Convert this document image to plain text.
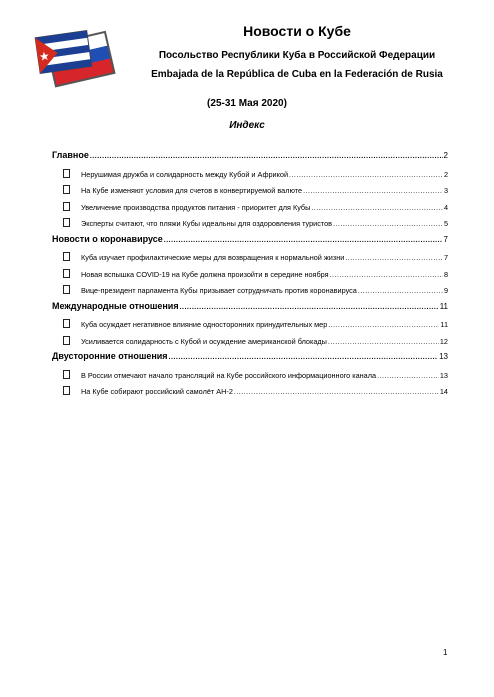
Новости о Кубе
Посольство Республики Куба в Российской Федерации
Embajada de la República de Cuba en la Federación de Rusia
(25-31 Мая 2020)
Индекс
Главное .....	2
Нерушимая дружба и солидарность между Кубой и Африкой .....	2
На Кубе изменяют условия для счетов в конвертируемой валюте .....	3
Увеличение производства продуктов питания - приоритет для Кубы .....	4
Эксперты считают, что пляжи Кубы идеальны для оздоровления туристов .....	5
Новости о коронавирусе .....	7
Куба изучает профилактические меры для возвращения к нормальной жизни .....	7
Новая вспышка COVID-19 на Кубе должна произойти в середине ноября .....	8
Вице-президент парламента Кубы призывает сотрудничать против коронавируса .....	9
Международные отношения .....	11
Куба осуждает негативное влияние односторонних принудительных мер .....	11
Усиливается солидарность с Кубой и осуждение американской блокады .....	12
Двусторонние отношения .....	13
В России отмечают начало трансляций на Кубе российского информационного канала .....	13
На Кубе собирают российский самолёт АН-2 .....	14
1
